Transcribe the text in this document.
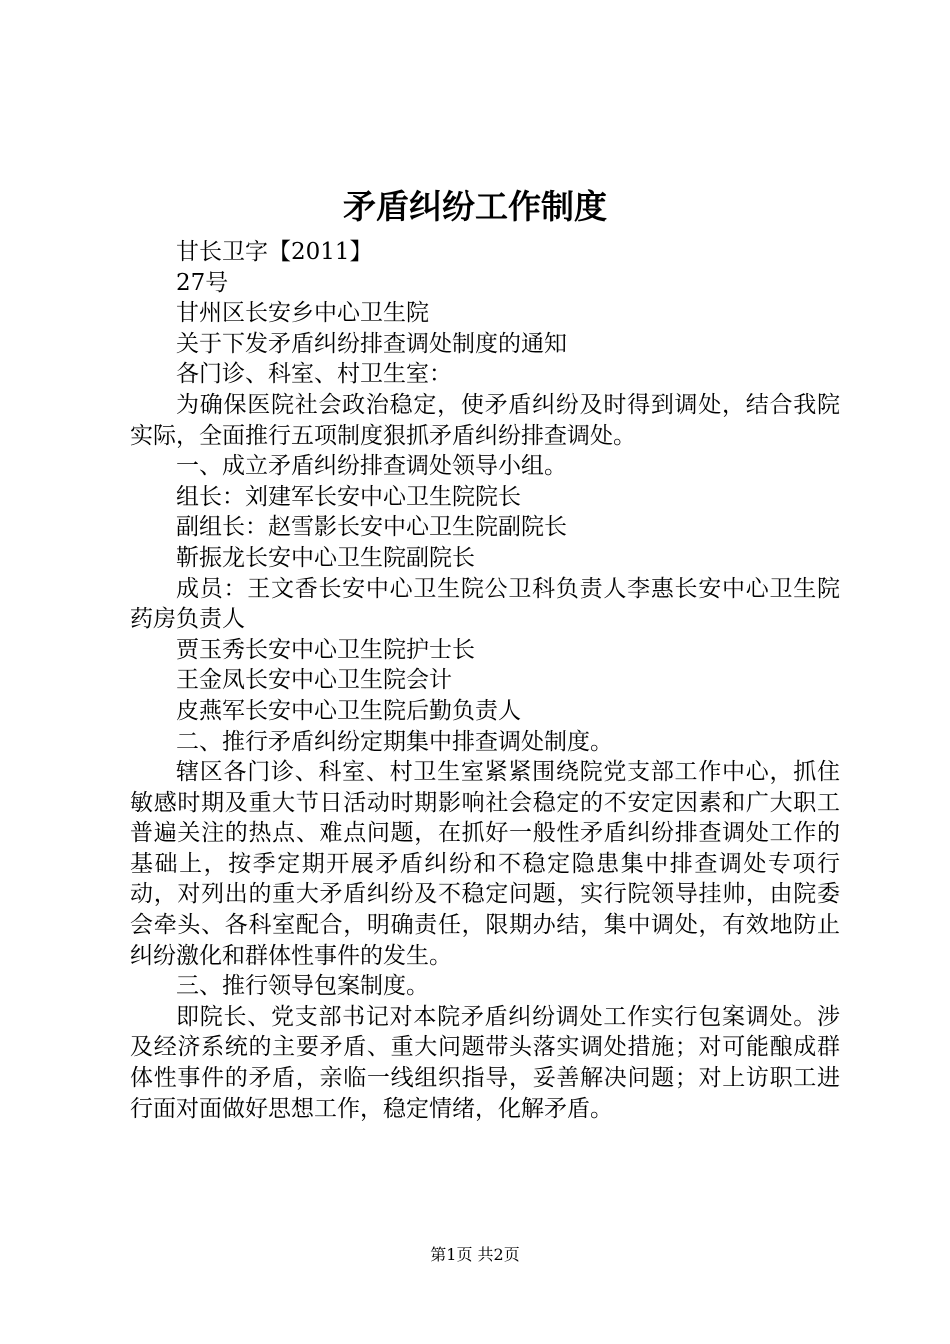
矛盾纠纷工作制度

甘长卫字【2011】

27号

甘州区长安乡中心卫生院

关于下发矛盾纠纷排查调处制度的通知

各门诊、科室、村卫生室：

为确保医院社会政治稳定，使矛盾纠纷及时得到调处，结合我院实际，全面推行五项制度狠抓矛盾纠纷排查调处。

一、成立矛盾纠纷排查调处领导小组。

组长：刘建军长安中心卫生院院长

副组长：赵雪影长安中心卫生院副院长

靳振龙长安中心卫生院副院长

成员：王文香长安中心卫生院公卫科负责人李惠长安中心卫生院药房负责人

贾玉秀长安中心卫生院护士长

王金凤长安中心卫生院会计

皮燕军长安中心卫生院后勤负责人

二、推行矛盾纠纷定期集中排查调处制度。

辖区各门诊、科室、村卫生室紧紧围绕院党支部工作中心，抓住敏感时期及重大节日活动时期影响社会稳定的不安定因素和广大职工普遍关注的热点、难点问题，在抓好一般性矛盾纠纷排查调处工作的基础上，按季定期开展矛盾纠纷和不稳定隐患集中排查调处专项行动，对列出的重大矛盾纠纷及不稳定问题，实行院领导挂帅，由院委会牵头、各科室配合，明确责任，限期办结，集中调处，有效地防止纠纷激化和群体性事件的发生。

三、推行领导包案制度。

即院长、党支部书记对本院矛盾纠纷调处工作实行包案调处。涉及经济系统的主要矛盾、重大问题带头落实调处措施；对可能酿成群体性事件的矛盾，亲临一线组织指导，妥善解决问题；对上访职工进行面对面做好思想工作，稳定情绪，化解矛盾。

第1页 共2页
